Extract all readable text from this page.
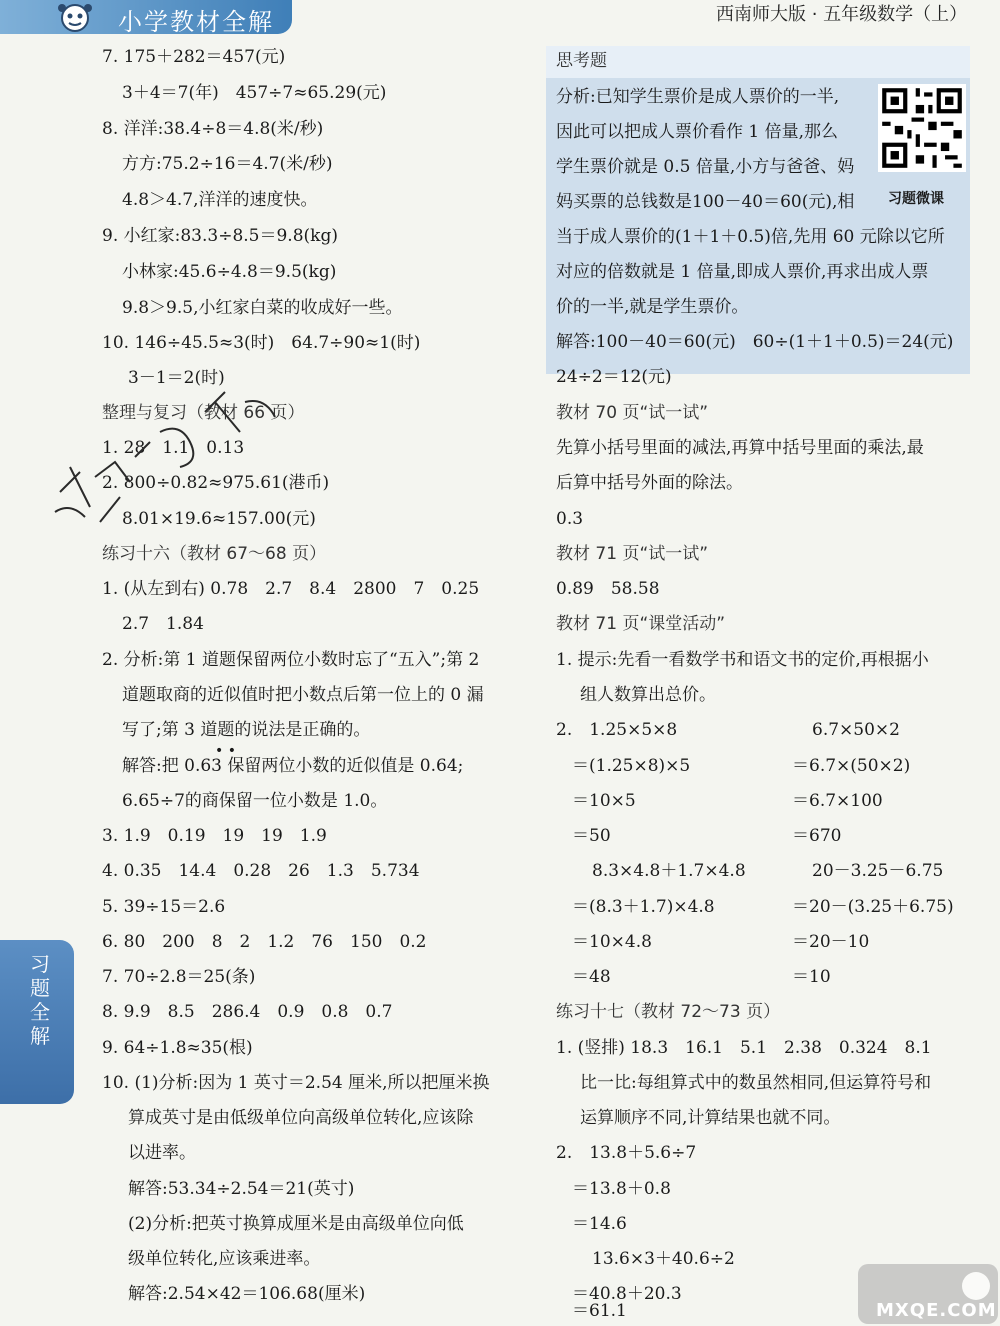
小学教材全解	西南师大版 · 五年级数学（上）
习题微课
习题全解
7. 175＋282＝457(元)
3＋4＝7(年)　457÷7≈65.29(元)
8. 洋洋:38.4÷8＝4.8(米/秒)
方方:75.2÷16＝4.7(米/秒)
4.8＞4.7,洋洋的速度快。
9. 小红家:83.3÷8.5＝9.8(kg)
小林家:45.6÷4.8＝9.5(kg)
9.8＞9.5,小红家白菜的收成好一些。
10. 146÷45.5≈3(时)　64.7÷90≈1(时)
3－1＝2(时)
整理与复习（教材 66 页）
1. 28　1.1　0.13
2. 800÷0.82≈975.61(港币)
8.01×19.6≈157.00(元)
练习十六（教材 67～68 页）
1. (从左到右) 0.78　2.7　8.4　2800　7　0.25
2.7　1.84
2. 分析:第 1 道题保留两位小数时忘了“五入”;第 2
道题取商的近似值时把小数点后第一位上的 0 漏
写了;第 3 道题的说法是正确的。
• •
解答:把 0.63 保留两位小数的近似值是 0.64;
6.65÷7的商保留一位小数是 1.0。
3. 1.9　0.19　19　19　1.9
4. 0.35　14.4　0.28　26　1.3　5.734
5. 39÷15＝2.6
6. 80　200　8　2　1.2　76　150　0.2
7. 70÷2.8＝25(条)
8. 9.9　8.5　286.4　0.9　0.8　0.7
9. 64÷1.8≈35(根)
10. (1)分析:因为 1 英寸＝2.54 厘米,所以把厘米换
算成英寸是由低级单位向高级单位转化,应该除
以进率。
解答:53.34÷2.54＝21(英寸)
(2)分析:把英寸换算成厘米是由高级单位向低
级单位转化,应该乘进率。
解答:2.54×42＝106.68(厘米)
思考题
分析:已知学生票价是成人票价的一半,
因此可以把成人票价看作 1 倍量,那么
学生票价就是 0.5 倍量,小方与爸爸、妈
妈买票的总钱数是100－40＝60(元),相
当于成人票价的(1＋1＋0.5)倍,先用 60 元除以它所
对应的倍数就是 1 倍量,即成人票价,再求出成人票
价的一半,就是学生票价。
解答:100－40＝60(元)　60÷(1＋1＋0.5)＝24(元)
24÷2＝12(元)
教材 70 页“试一试”
先算小括号里面的减法,再算中括号里面的乘法,最
后算中括号外面的除法。
0.3
教材 71 页“试一试”
0.89　58.58
教材 71 页“课堂活动”
1. 提示:先看一看数学书和语文书的定价,再根据小
组人数算出总价。
2.　1.25×5×8
＝(1.25×8)×5
＝10×5
＝50
8.3×4.8＋1.7×4.8
＝(8.3＋1.7)×4.8
＝10×4.8
＝48
6.7×50×2
＝6.7×(50×2)
＝6.7×100
＝670
20－3.25－6.75
＝20－(3.25＋6.75)
＝20－10
＝10
练习十七（教材 72～73 页）
1. (竖排) 18.3　16.1　5.1　2.38　0.324　8.1
比一比:每组算式中的数虽然相同,但运算符号和
运算顺序不同,计算结果也就不同。
2.　13.8＋5.6÷7
＝13.8＋0.8
＝14.6
13.6×3＋40.6÷2
＝40.8＋20.3
＝61.1	MXQE.COM
